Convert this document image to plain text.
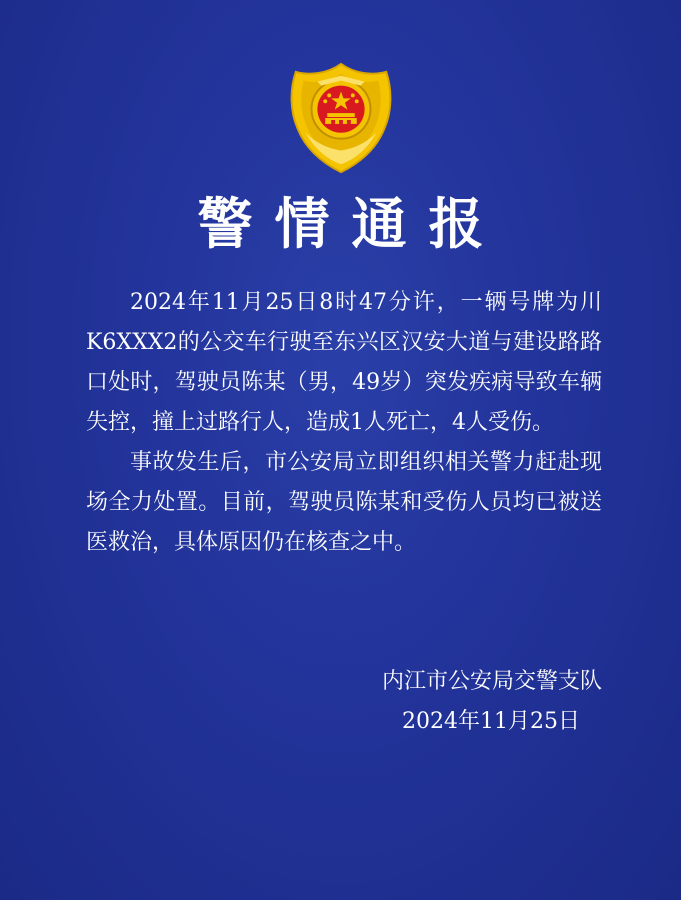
警情通报

2024年11月25日8时47分许，一辆号牌为川K6XXX2的公交车行驶至东兴区汉安大道与建设路路口处时，驾驶员陈某（男，49岁）突发疾病导致车辆失控，撞上过路行人，造成1人死亡，4人受伤。

事故发生后，市公安局立即组织相关警力赶赴现场全力处置。目前，驾驶员陈某和受伤人员均已被送医救治，具体原因仍在核查之中。

内江市公安局交警支队
2024年11月25日
